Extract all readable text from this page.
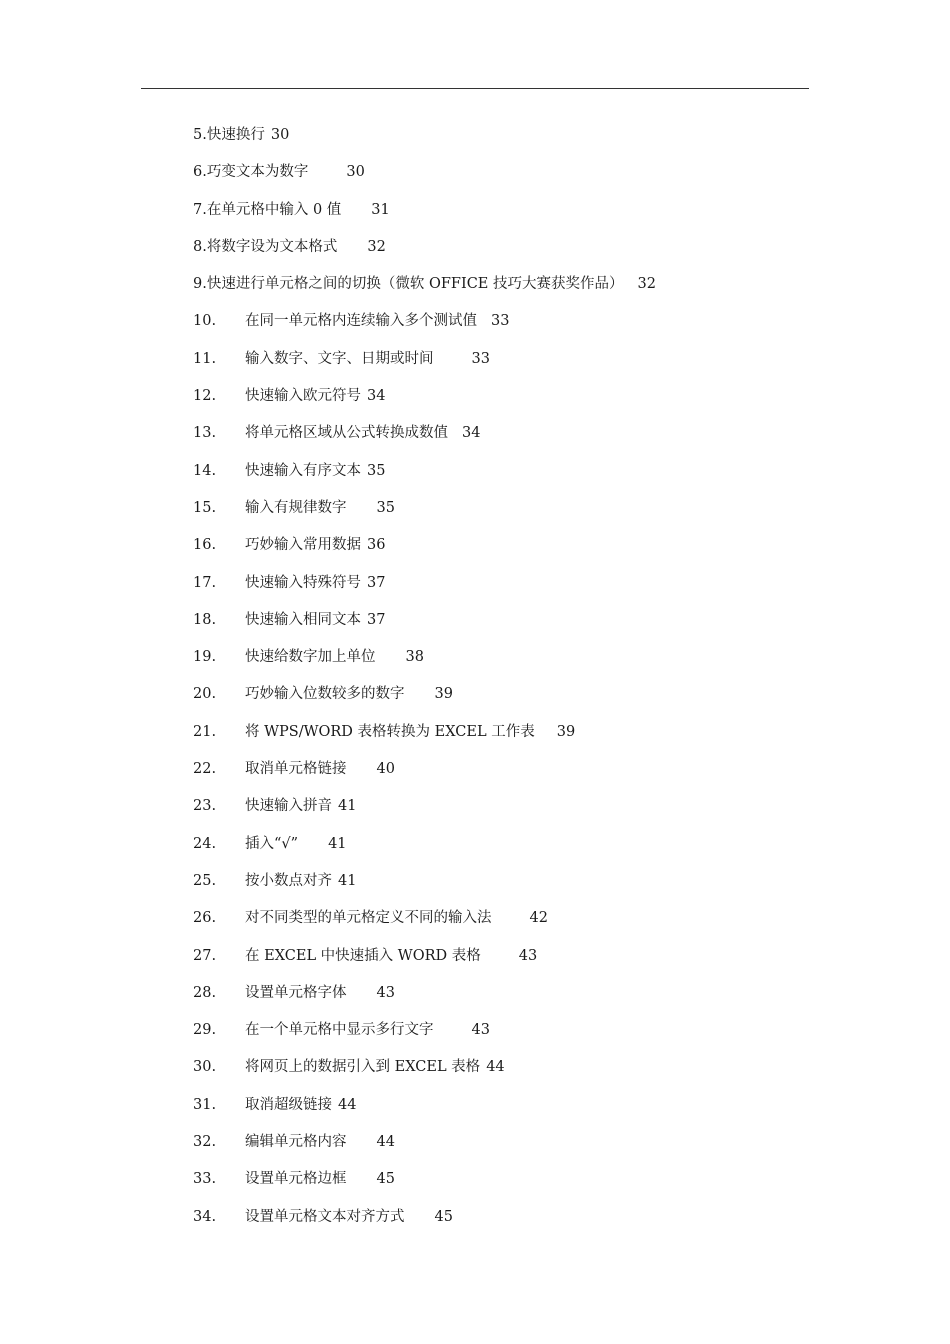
5.快速换行 30
6.巧变文本为数字	30
7.在单元格中输入 0 值 31
8.将数字设为文本格式 32
9.快速进行单元格之间的切换（微软 OFFICE 技巧大赛获奖作品） 32
10. 在同一单元格内连续输入多个测试值 33
11. 输入数字、文字、日期或时间	33
12. 快速输入欧元符号 34
13. 将单元格区域从公式转换成数值 34
14. 快速输入有序文本 35
15. 输入有规律数字 35
16. 巧妙输入常用数据 36
17. 快速输入特殊符号 37
18. 快速输入相同文本 37
19. 快速给数字加上单位 38
20. 巧妙输入位数较多的数字 39
21. 将 WPS/WORD 表格转换为 EXCEL 工作表 39
22. 取消单元格链接 40
23. 快速输入拼音 41
24. 插入“√” 41
25. 按小数点对齐 41
26. 对不同类型的单元格定义不同的输入法	42
27. 在 EXCEL 中快速插入 WORD 表格	43
28. 设置单元格字体 43
29. 在一个单元格中显示多行文字	43
30. 将网页上的数据引入到 EXCEL 表格 44
31. 取消超级链接 44
32. 编辑单元格内容 44
33. 设置单元格边框 45
34. 设置单元格文本对齐方式 45
